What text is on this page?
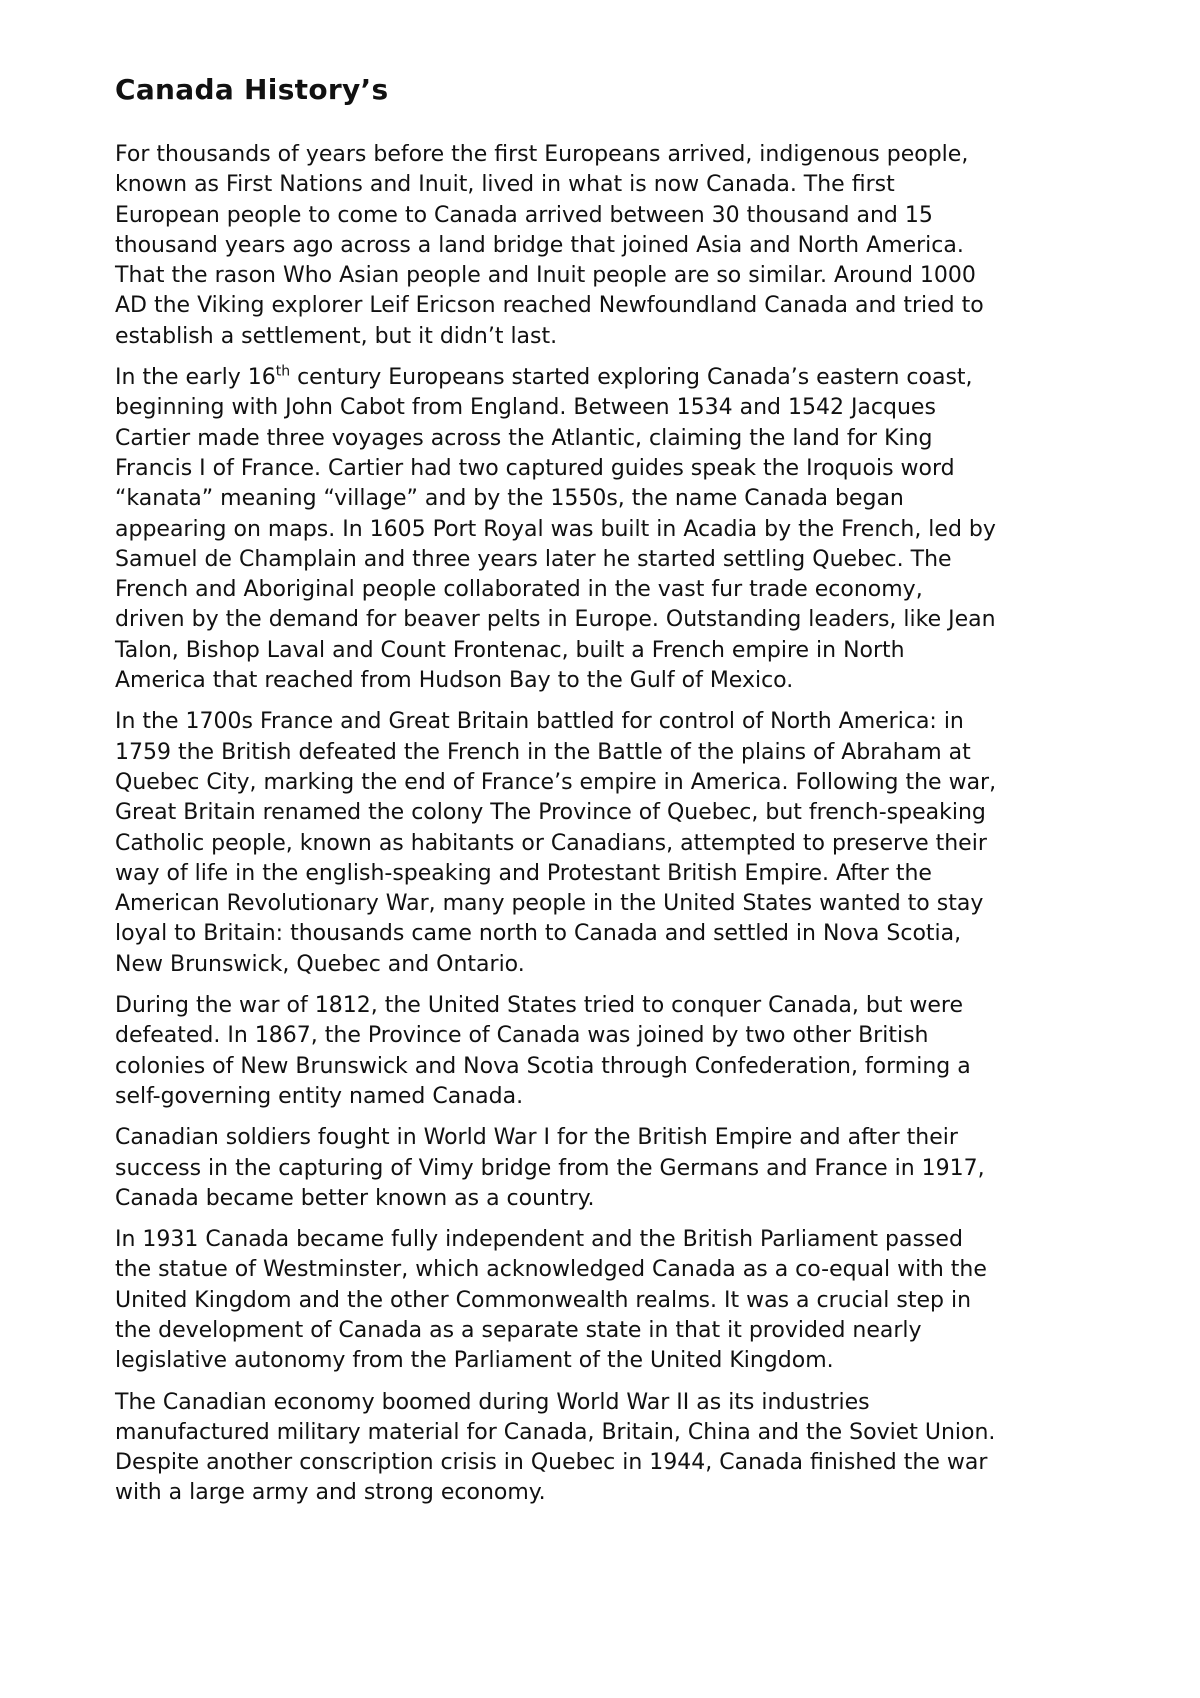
Canada History’s
For thousands of years before the first Europeans arrived, indigenous people,
known as First Nations and Inuit, lived in what is now Canada. The first
European people to come to Canada arrived between 30 thousand and 15
thousand years ago across a land bridge that joined Asia and North America.
That the rason Who Asian people and Inuit people are so similar. Around 1000
AD the Viking explorer Leif Ericson reached Newfoundland Canada and tried to
establish a settlement, but it didn’t last.
In the early 16th century Europeans started exploring Canada’s eastern coast,
beginning with John Cabot from England. Between 1534 and 1542 Jacques
Cartier made three voyages across the Atlantic, claiming the land for King
Francis I of France. Cartier had two captured guides speak the Iroquois word
“kanata” meaning “village” and by the 1550s, the name Canada began
appearing on maps. In 1605 Port Royal was built in Acadia by the French, led by
Samuel de Champlain and three years later he started settling Quebec. The
French and Aboriginal people collaborated in the vast fur trade economy,
driven by the demand for beaver pelts in Europe. Outstanding leaders, like Jean
Talon, Bishop Laval and Count Frontenac, built a French empire in North
America that reached from Hudson Bay to the Gulf of Mexico.
In the 1700s France and Great Britain battled for control of North America: in
1759 the British defeated the French in the Battle of the plains of Abraham at
Quebec City, marking the end of France’s empire in America. Following the war,
Great Britain renamed the colony The Province of Quebec, but french-speaking
Catholic people, known as habitants or Canadians, attempted to preserve their
way of life in the english-speaking and Protestant British Empire. After the
American Revolutionary War, many people in the United States wanted to stay
loyal to Britain: thousands came north to Canada and settled in Nova Scotia,
New Brunswick, Quebec and Ontario.
During the war of 1812, the United States tried to conquer Canada, but were
defeated. In 1867, the Province of Canada was joined by two other British
colonies of New Brunswick and Nova Scotia through Confederation, forming a
self-governing entity named Canada.
Canadian soldiers fought in World War I for the British Empire and after their
success in the capturing of Vimy bridge from the Germans and France in 1917,
Canada became better known as a country.
In 1931 Canada became fully independent and the British Parliament passed
the statue of Westminster, which acknowledged Canada as a co-equal with the
United Kingdom and the other Commonwealth realms. It was a crucial step in
the development of Canada as a separate state in that it provided nearly
legislative autonomy from the Parliament of the United Kingdom.
The Canadian economy boomed during World War II as its industries
manufactured military material for Canada, Britain, China and the Soviet Union.
Despite another conscription crisis in Quebec in 1944, Canada finished the war
with a large army and strong economy.
